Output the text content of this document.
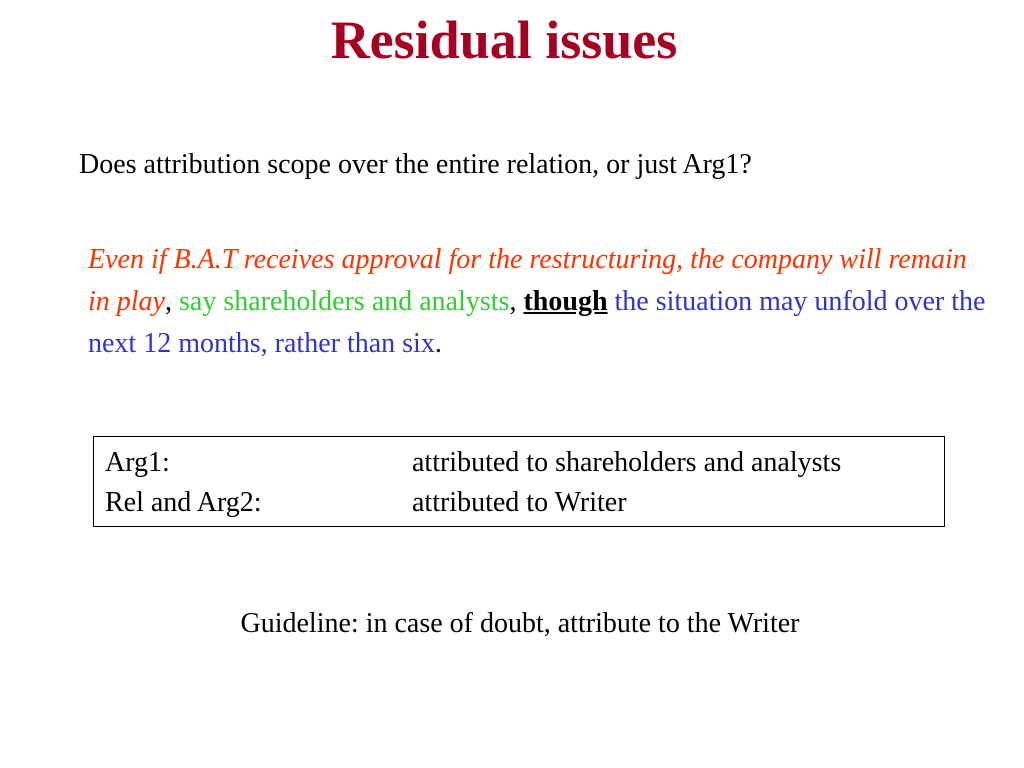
Residual issues
Does attribution scope over the entire relation, or just Arg1?
Even if B.A.T receives approval for the restructuring, the company will remain in play, say shareholders and analysts, though the situation may unfold over the next 12 months, rather than six.
Arg1:	attributed to shareholders and analysts
Rel and Arg2:	attributed to Writer
Guideline: in case of doubt, attribute to the Writer
